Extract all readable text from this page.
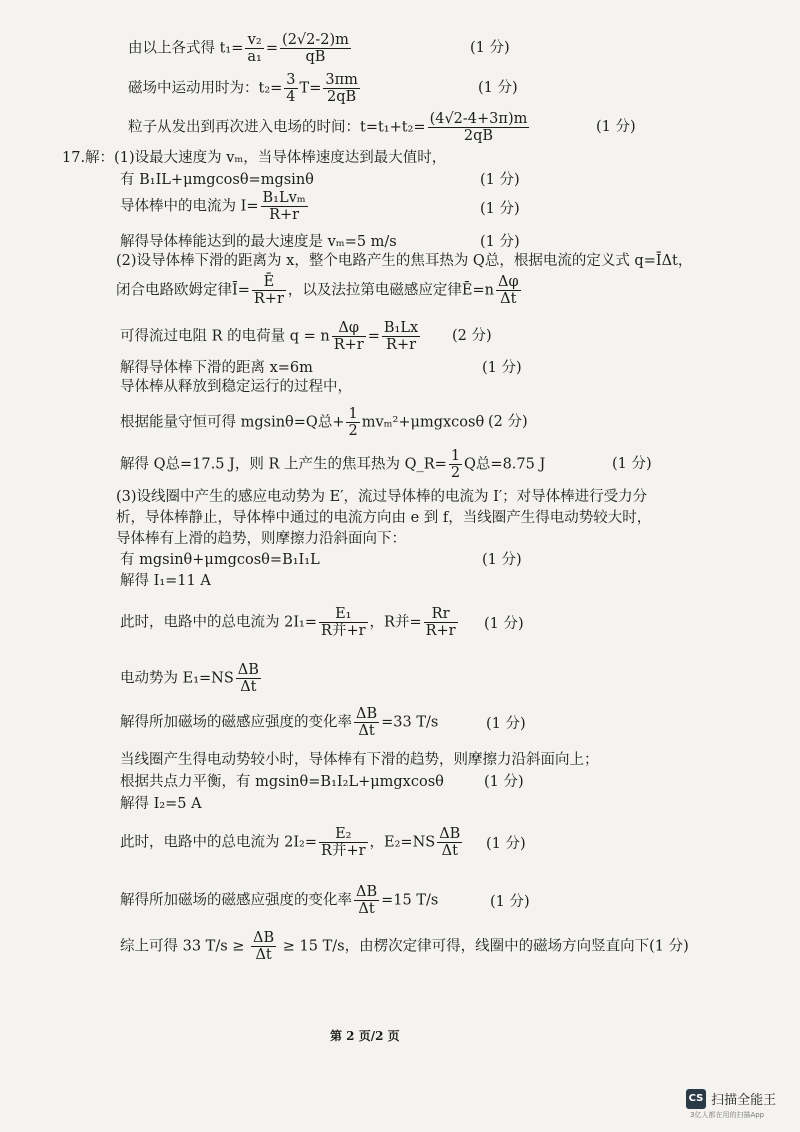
由以上各式得 $t_1= \frac{\text{v₂}}{\text{a₁}} = \frac{(2√2-2)m}{qB}$	(1 分)
磁场中运动用时为：$t_2= \frac{3}{4} T= \frac{3\pi m}{2qB}$	(1 分)
粒子从发出到再次进入电场的时间：$t=t_1+t_2= \frac{(4√2-4+3\pi)m}{2qB}$	(1 分)
17.解：(1)设最大速度为 vₘ，当导体棒速度达到最大值时，
有 B₁IL+μmgcosθ=mgsinθ	(1 分)
导体棒中的电流为 $I= \frac{\text{B₁Lvₘ}}{R+r}$	(1 分)
解得导体棒能达到的最大速度是 vₘ=5 m/s	(1 分)
(2)设导体棒下滑的距离为 x，整个电路产生的焦耳热为 Q总，根据电流的定义式 q=ĪΔt，
闭合电路欧姆定律Ī= $\frac{Ē}{R+r}$ ，以及法拉第电磁感应定律Ē=n $\frac{\Delta\varphi}{\Delta t}$
可得流过电阻 R 的电荷量 q = n $\frac{\Delta\varphi}{R+r} = \frac{\text{B₁Lx}}{R+r} (2$ 分)
解得导体棒下滑的距离 x=6m	(1 分)
导体棒从释放到稳定运行的过程中，
根据能量守恒可得 mgsinθ=Q总+ $\frac{1}{2} mv_m^2+\mu mgxcos\theta$ (2 分)
解得 Q总=17.5 J，则 R 上产生的焦耳热为 Q_R= $\frac{1}{2}$ Q总=8.75 J	(1 分)
(3)设线圈中产生的感应电动势为 E′，流过导体棒的电流为 I′；对导体棒进行受力分
析，导体棒静止，导体棒中通过的电流方向由 e 到 f，当线圈产生得电动势较大时，
导体棒有上滑的趋势，则摩擦力沿斜面向下：
有 mgsinθ+μmgcosθ=B₁I₁L	(1 分)
解得 I₁=11 A
此时，电路中的总电流为 $2I_1= \frac{\text{E₁}}{\text{R并+r}}$ ，R并= $\frac{Rr}{R+r} (1$ 分)
电动势为 $E_1=NS \frac{\Delta B}{\Delta t}$
解得所加磁场的磁感应强度的变化率 $\frac{\Delta B}{\Delta t} =33$ T/s	(1 分)
当线圈产生得电动势较小时，导体棒有下滑的趋势，则摩擦力沿斜面向上；
根据共点力平衡，有 mgsinθ=B₁I₂L+μmgxcosθ	(1 分)
解得 I₂=5 A
此时，电路中的总电流为 $2I_2= \frac{\text{E₂}}{\text{R并+r}}$ ，$E_2=NS \frac{\Delta B}{\Delta t} (1$ 分)
解得所加磁场的磁感应强度的变化率 $\frac{\Delta B}{\Delta t} =15$ T/s	(1 分)
综上可得 33 $T/s \ge \frac{\Delta B}{\Delta t} \ge 15$ T/s，由楞次定律可得，线圈中的磁场方向竖直向下(1 分)
第 2 页/2 页
CS 扫描全能王
3亿人都在用的扫描App
